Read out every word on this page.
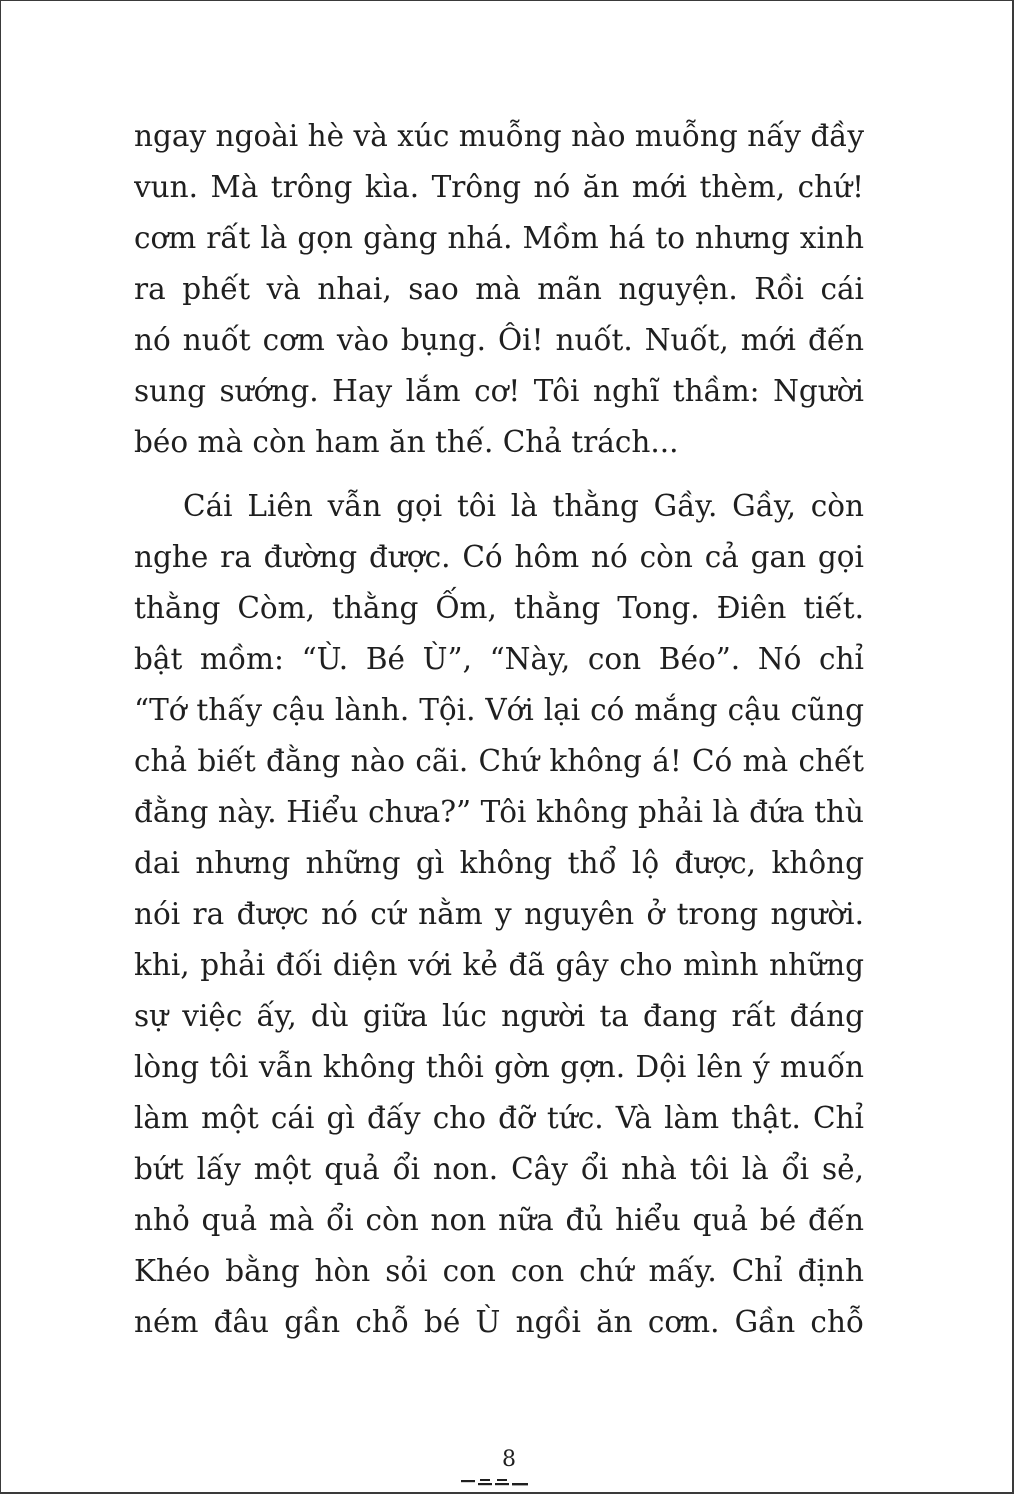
ngay ngoài hè và xúc muỗng nào muỗng nấy đầy
vun. Mà trông kìa. Trông nó ăn mới thèm, chứ!
cơm rất là gọn gàng nhá. Mồm há to nhưng xinh
ra phết và nhai, sao mà mãn nguyện. Rồi cái
nó nuốt cơm vào bụng. Ôi! nuốt. Nuốt, mới đến
sung sướng. Hay lắm cơ! Tôi nghĩ thầm: Người
béo mà còn ham ăn thế. Chả trách...
Cái Liên vẫn gọi tôi là thằng Gầy. Gầy, còn
nghe ra đường được. Có hôm nó còn cả gan gọi
thằng Còm, thằng Ốm, thằng Tong. Điên tiết.
bật mồm: “Ù. Bé Ù”, “Này, con Béo”. Nó chỉ
“Tớ thấy cậu lành. Tội. Với lại có mắng cậu cũng
chả biết đằng nào cãi. Chứ không á! Có mà chết
đằng này. Hiểu chưa?” Tôi không phải là đứa thù
dai nhưng những gì không thổ lộ được, không
nói ra được nó cứ nằm y nguyên ở trong người.
khi, phải đối diện với kẻ đã gây cho mình những
sự việc ấy, dù giữa lúc người ta đang rất đáng
lòng tôi vẫn không thôi gờn gợn. Dội lên ý muốn
làm một cái gì đấy cho đỡ tức. Và làm thật. Chỉ
bứt lấy một quả ổi non. Cây ổi nhà tôi là ổi sẻ,
nhỏ quả mà ổi còn non nữa đủ hiểu quả bé đến
Khéo bằng hòn sỏi con con chứ mấy. Chỉ định
ném đâu gần chỗ bé Ù ngồi ăn cơm. Gần chỗ
8
